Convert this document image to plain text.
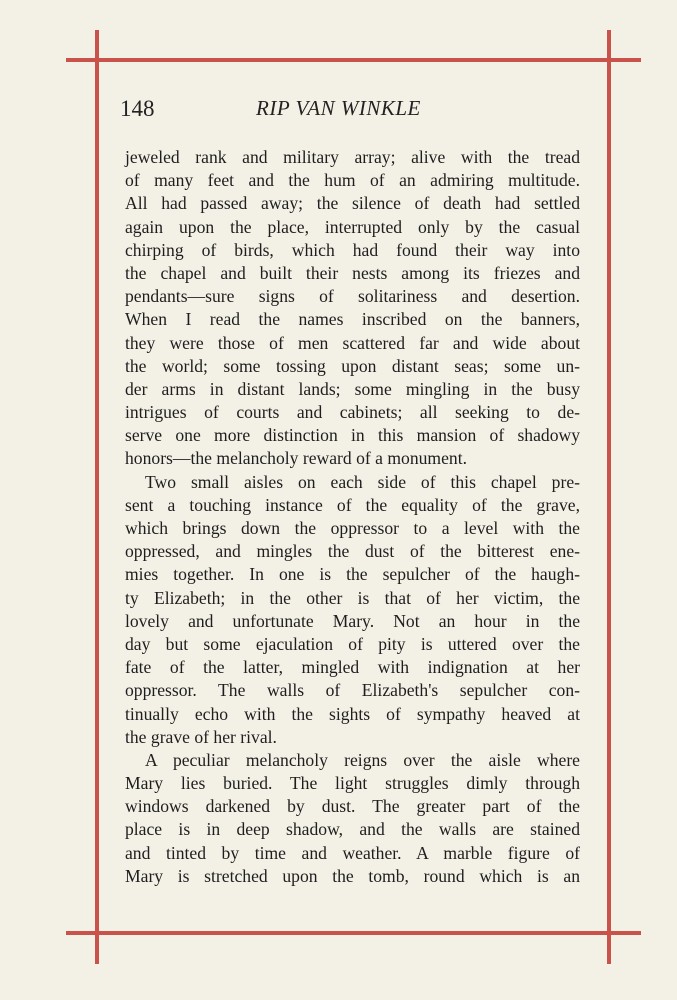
148	RIP VAN WINKLE
jeweled rank and military array; alive with the tread
of many feet and the hum of an admiring multitude.
All had passed away; the silence of death had settled
again upon the place, interrupted only by the casual
chirping of birds, which had found their way into
the chapel and built their nests among its friezes and
pendants—sure signs of solitariness and desertion.
When I read the names inscribed on the banners,
they were those of men scattered far and wide about
the world; some tossing upon distant seas; some un-
der arms in distant lands; some mingling in the busy
intrigues of courts and cabinets; all seeking to de-
serve one more distinction in this mansion of shadowy
honors—the melancholy reward of a monument.
Two small aisles on each side of this chapel pre-
sent a touching instance of the equality of the grave,
which brings down the oppressor to a level with the
oppressed, and mingles the dust of the bitterest ene-
mies together. In one is the sepulcher of the haugh-
ty Elizabeth; in the other is that of her victim, the
lovely and unfortunate Mary. Not an hour in the
day but some ejaculation of pity is uttered over the
fate of the latter, mingled with indignation at her
oppressor. The walls of Elizabeth's sepulcher con-
tinually echo with the sights of sympathy heaved at
the grave of her rival.
A peculiar melancholy reigns over the aisle where
Mary lies buried. The light struggles dimly through
windows darkened by dust. The greater part of the
place is in deep shadow, and the walls are stained
and tinted by time and weather. A marble figure of
Mary is stretched upon the tomb, round which is an
